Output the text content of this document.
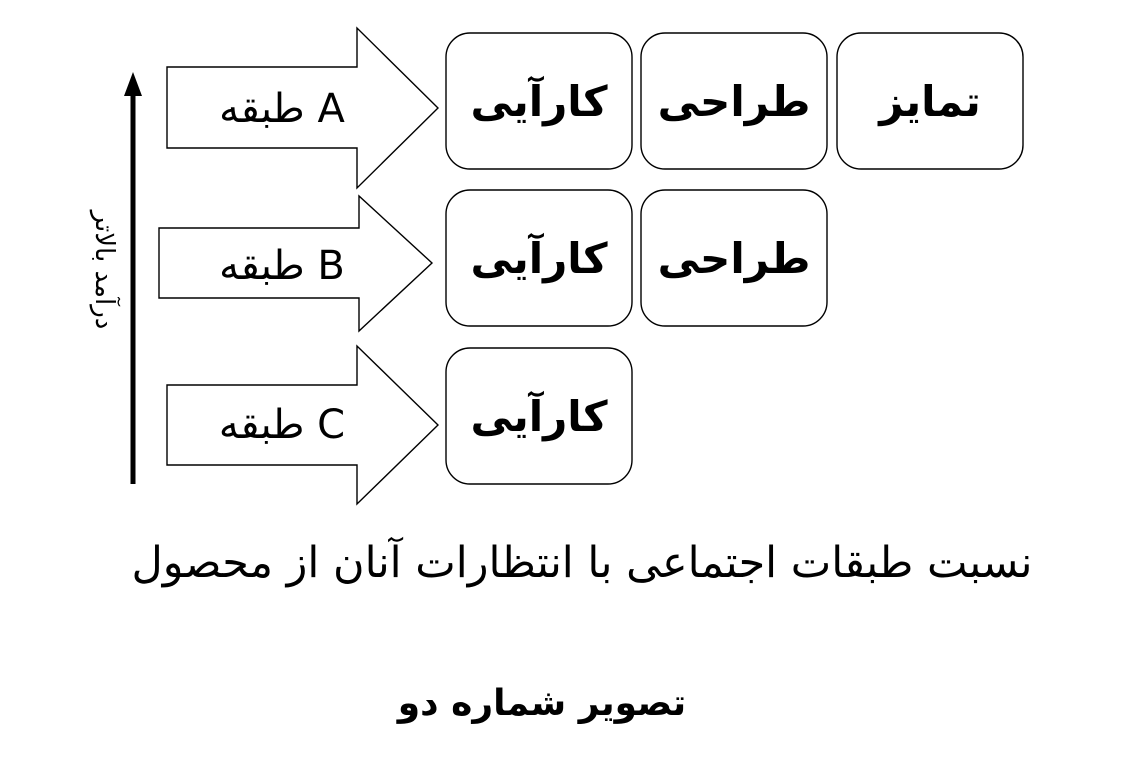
درآمد بالاتر
طبقه A	کارآیی طراحی تمایز
طبقه B	کارآیی طراحی
طبقه C	کارآیی
نسبت طبقات اجتماعی با انتظارات آنان از محصول
تصویر شماره دو
